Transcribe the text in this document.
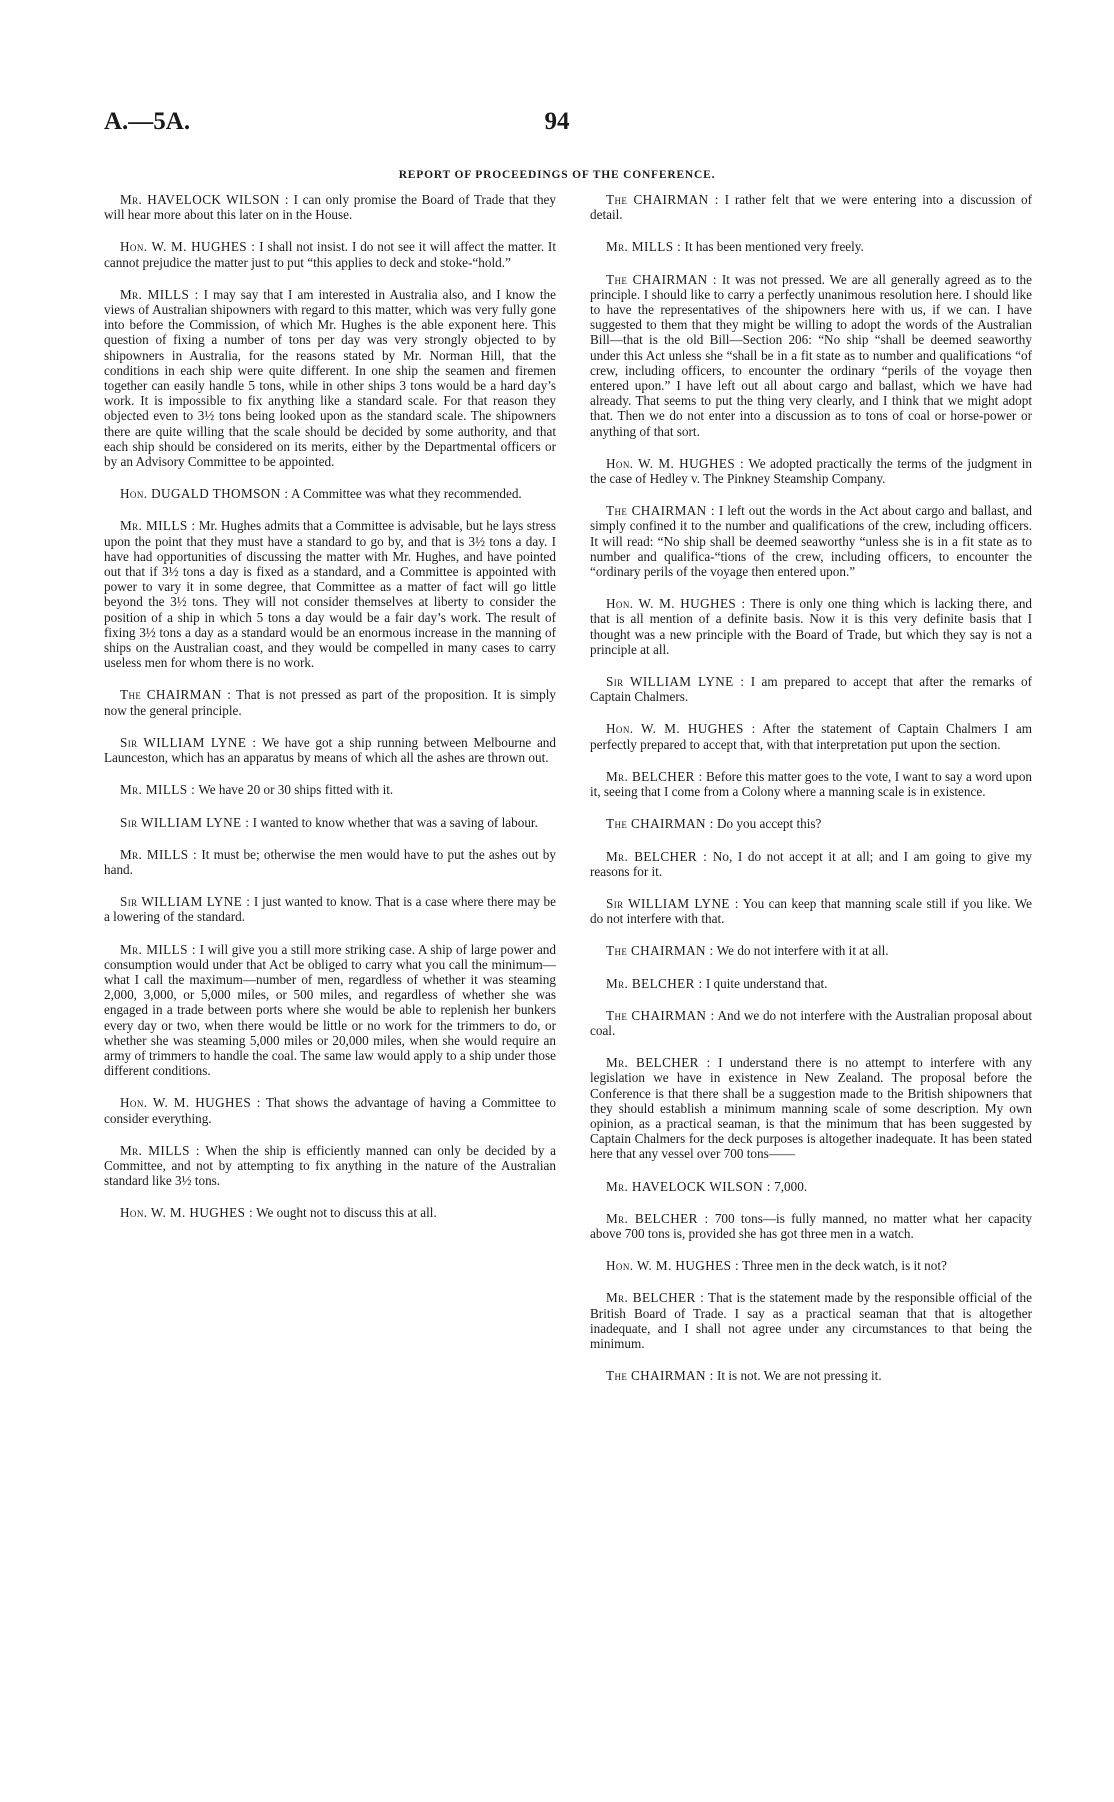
A.—5A.	94
REPORT OF PROCEEDINGS OF THE CONFERENCE.

Mr. HAVELOCK WILSON : I can only promise the Board of Trade that they will hear more about this later on in the House.

Hon. W. M. HUGHES : I shall not insist. I do not see it will affect the matter. It cannot prejudice the matter just to put “this applies to deck and stoke-“hold.”

Mr. MILLS : I may say that I am interested in Australia also, and I know the views of Australian shipowners with regard to this matter, which was very fully gone into before the Commission, of which Mr. Hughes is the able exponent here. This question of fixing a number of tons per day was very strongly objected to by shipowners in Australia, for the reasons stated by Mr. Norman Hill, that the conditions in each ship were quite different. In one ship the seamen and firemen together can easily handle 5 tons, while in other ships 3 tons would be a hard day’s work. It is impossible to fix anything like a standard scale. For that reason they objected even to 3½ tons being looked upon as the standard scale. The shipowners there are quite willing that the scale should be decided by some authority, and that each ship should be considered on its merits, either by the Departmental officers or by an Advisory Committee to be appointed.

Hon. DUGALD THOMSON : A Committee was what they recommended.

Mr. MILLS : Mr. Hughes admits that a Committee is advisable, but he lays stress upon the point that they must have a standard to go by, and that is 3½ tons a day. I have had opportunities of discussing the matter with Mr. Hughes, and have pointed out that if 3½ tons a day is fixed as a standard, and a Committee is appointed with power to vary it in some degree, that Committee as a matter of fact will go little beyond the 3½ tons. They will not consider themselves at liberty to consider the position of a ship in which 5 tons a day would be a fair day’s work. The result of fixing 3½ tons a day as a standard would be an enormous increase in the manning of ships on the Australian coast, and they would be compelled in many cases to carry useless men for whom there is no work.

The CHAIRMAN : That is not pressed as part of the proposition. It is simply now the general principle.

Sir WILLIAM LYNE : We have got a ship running between Melbourne and Launceston, which has an apparatus by means of which all the ashes are thrown out.

Mr. MILLS : We have 20 or 30 ships fitted with it.

Sir WILLIAM LYNE : I wanted to know whether that was a saving of labour.

Mr. MILLS : It must be; otherwise the men would have to put the ashes out by hand.

Sir WILLIAM LYNE : I just wanted to know. That is a case where there may be a lowering of the standard.

Mr. MILLS : I will give you a still more striking case. A ship of large power and consumption would under that Act be obliged to carry what you call the minimum—what I call the maximum—number of men, regardless of whether it was steaming 2,000, 3,000, or 5,000 miles, or 500 miles, and regardless of whether she was engaged in a trade between ports where she would be able to replenish her bunkers every day or two, when there would be little or no work for the trimmers to do, or whether she was steaming 5,000 miles or 20,000 miles, when she would require an army of trimmers to handle the coal. The same law would apply to a ship under those different conditions.

Hon. W. M. HUGHES : That shows the advantage of having a Committee to consider everything.

Mr. MILLS : When the ship is efficiently manned can only be decided by a Committee, and not by attempting to fix anything in the nature of the Australian standard like 3½ tons.

Hon. W. M. HUGHES : We ought not to discuss this at all.

The CHAIRMAN : I rather felt that we were entering into a discussion of detail.

Mr. MILLS : It has been mentioned very freely.

The CHAIRMAN : It was not pressed. We are all generally agreed as to the principle. I should like to carry a perfectly unanimous resolution here. I should like to have the representatives of the shipowners here with us, if we can. I have suggested to them that they might be willing to adopt the words of the Australian Bill—that is the old Bill—Section 206: “No ship “shall be deemed seaworthy under this Act unless she “shall be in a fit state as to number and qualifications “of crew, including officers, to encounter the ordinary “perils of the voyage then entered upon.” I have left out all about cargo and ballast, which we have had already. That seems to put the thing very clearly, and I think that we might adopt that. Then we do not enter into a discussion as to tons of coal or horse-power or anything of that sort.

Hon. W. M. HUGHES : We adopted practically the terms of the judgment in the case of Hedley v. The Pinkney Steamship Company.

The CHAIRMAN : I left out the words in the Act about cargo and ballast, and simply confined it to the number and qualifications of the crew, including officers. It will read: “No ship shall be deemed seaworthy “unless she is in a fit state as to number and qualifica-“tions of the crew, including officers, to encounter the “ordinary perils of the voyage then entered upon.”

Hon. W. M. HUGHES : There is only one thing which is lacking there, and that is all mention of a definite basis. Now it is this very definite basis that I thought was a new principle with the Board of Trade, but which they say is not a principle at all.

Sir WILLIAM LYNE : I am prepared to accept that after the remarks of Captain Chalmers.

Hon. W. M. HUGHES : After the statement of Captain Chalmers I am perfectly prepared to accept that, with that interpretation put upon the section.

Mr. BELCHER : Before this matter goes to the vote, I want to say a word upon it, seeing that I come from a Colony where a manning scale is in existence.

The CHAIRMAN : Do you accept this?

Mr. BELCHER : No, I do not accept it at all; and I am going to give my reasons for it.

Sir WILLIAM LYNE : You can keep that manning scale still if you like. We do not interfere with that.

The CHAIRMAN : We do not interfere with it at all.

Mr. BELCHER : I quite understand that.

The CHAIRMAN : And we do not interfere with the Australian proposal about coal.

Mr. BELCHER : I understand there is no attempt to interfere with any legislation we have in existence in New Zealand. The proposal before the Conference is that there shall be a suggestion made to the British shipowners that they should establish a minimum manning scale of some description. My own opinion, as a practical seaman, is that the minimum that has been suggested by Captain Chalmers for the deck purposes is altogether inadequate. It has been stated here that any vessel over 700 tons——

Mr. HAVELOCK WILSON : 7,000.

Mr. BELCHER : 700 tons—is fully manned, no matter what her capacity above 700 tons is, provided she has got three men in a watch.

Hon. W. M. HUGHES : Three men in the deck watch, is it not?

Mr. BELCHER : That is the statement made by the responsible official of the British Board of Trade. I say as a practical seaman that that is altogether inadequate, and I shall not agree under any circumstances to that being the minimum.

The CHAIRMAN : It is not. We are not pressing it.
